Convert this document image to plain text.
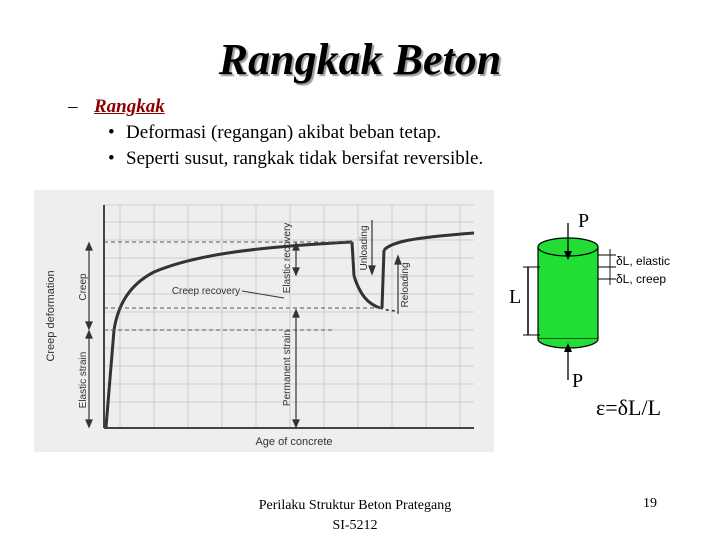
Rangkak Beton
– Rangkak
• Deformasi (regangan) akibat beban tetap.
• Seperti susut, rangkak tidak bersifat reversible.
Creep deformation
Age of concrete
Creep
Elastic strain
Elastic recovery
Creep recovery
Permanent strain
Unloading
Reloading
P
P
L
δL, elastic
δL, creep
ε=δL/L
Perilaku Struktur Beton Prategang
SI-5212
19
